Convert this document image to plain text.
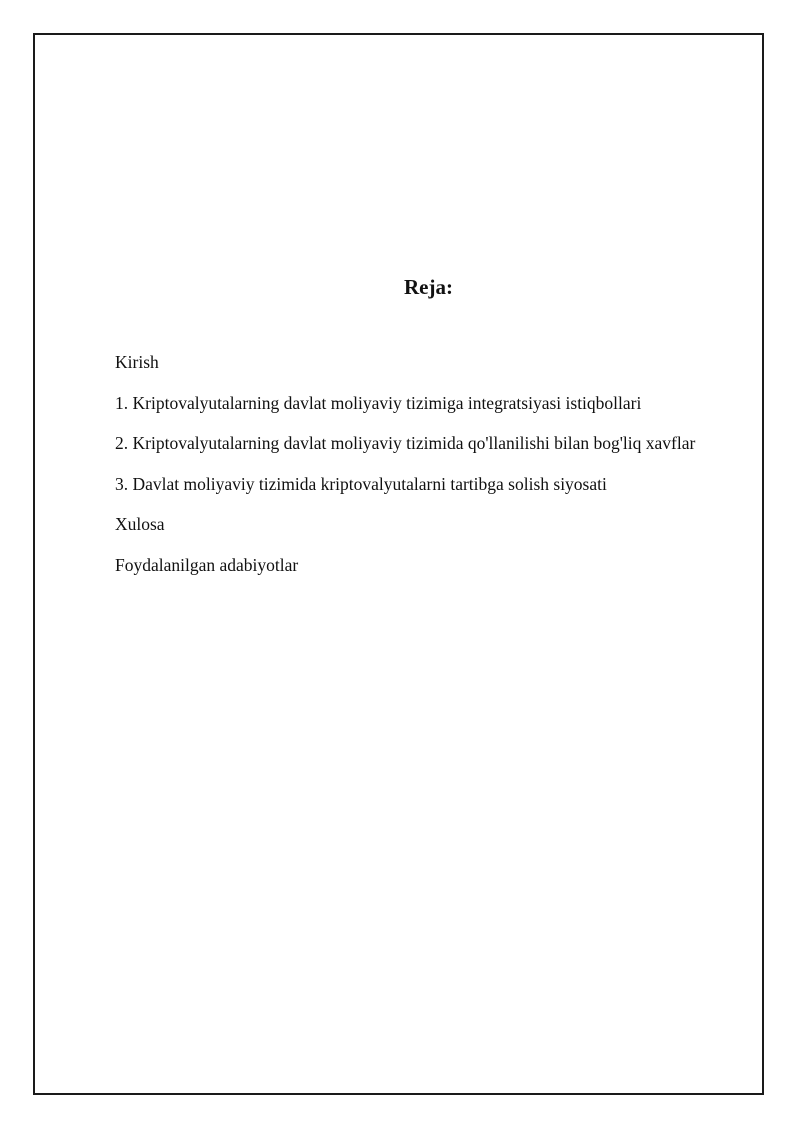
Reja:
Kirish
1. Kriptovalyutalarning davlat moliyaviy tizimiga integratsiyasi istiqbollari
2. Kriptovalyutalarning davlat moliyaviy tizimida qo'llanilishi bilan bog'liq xavflar
3. Davlat moliyaviy tizimida kriptovalyutalarni tartibga solish siyosati
Xulosa
Foydalanilgan adabiyotlar
